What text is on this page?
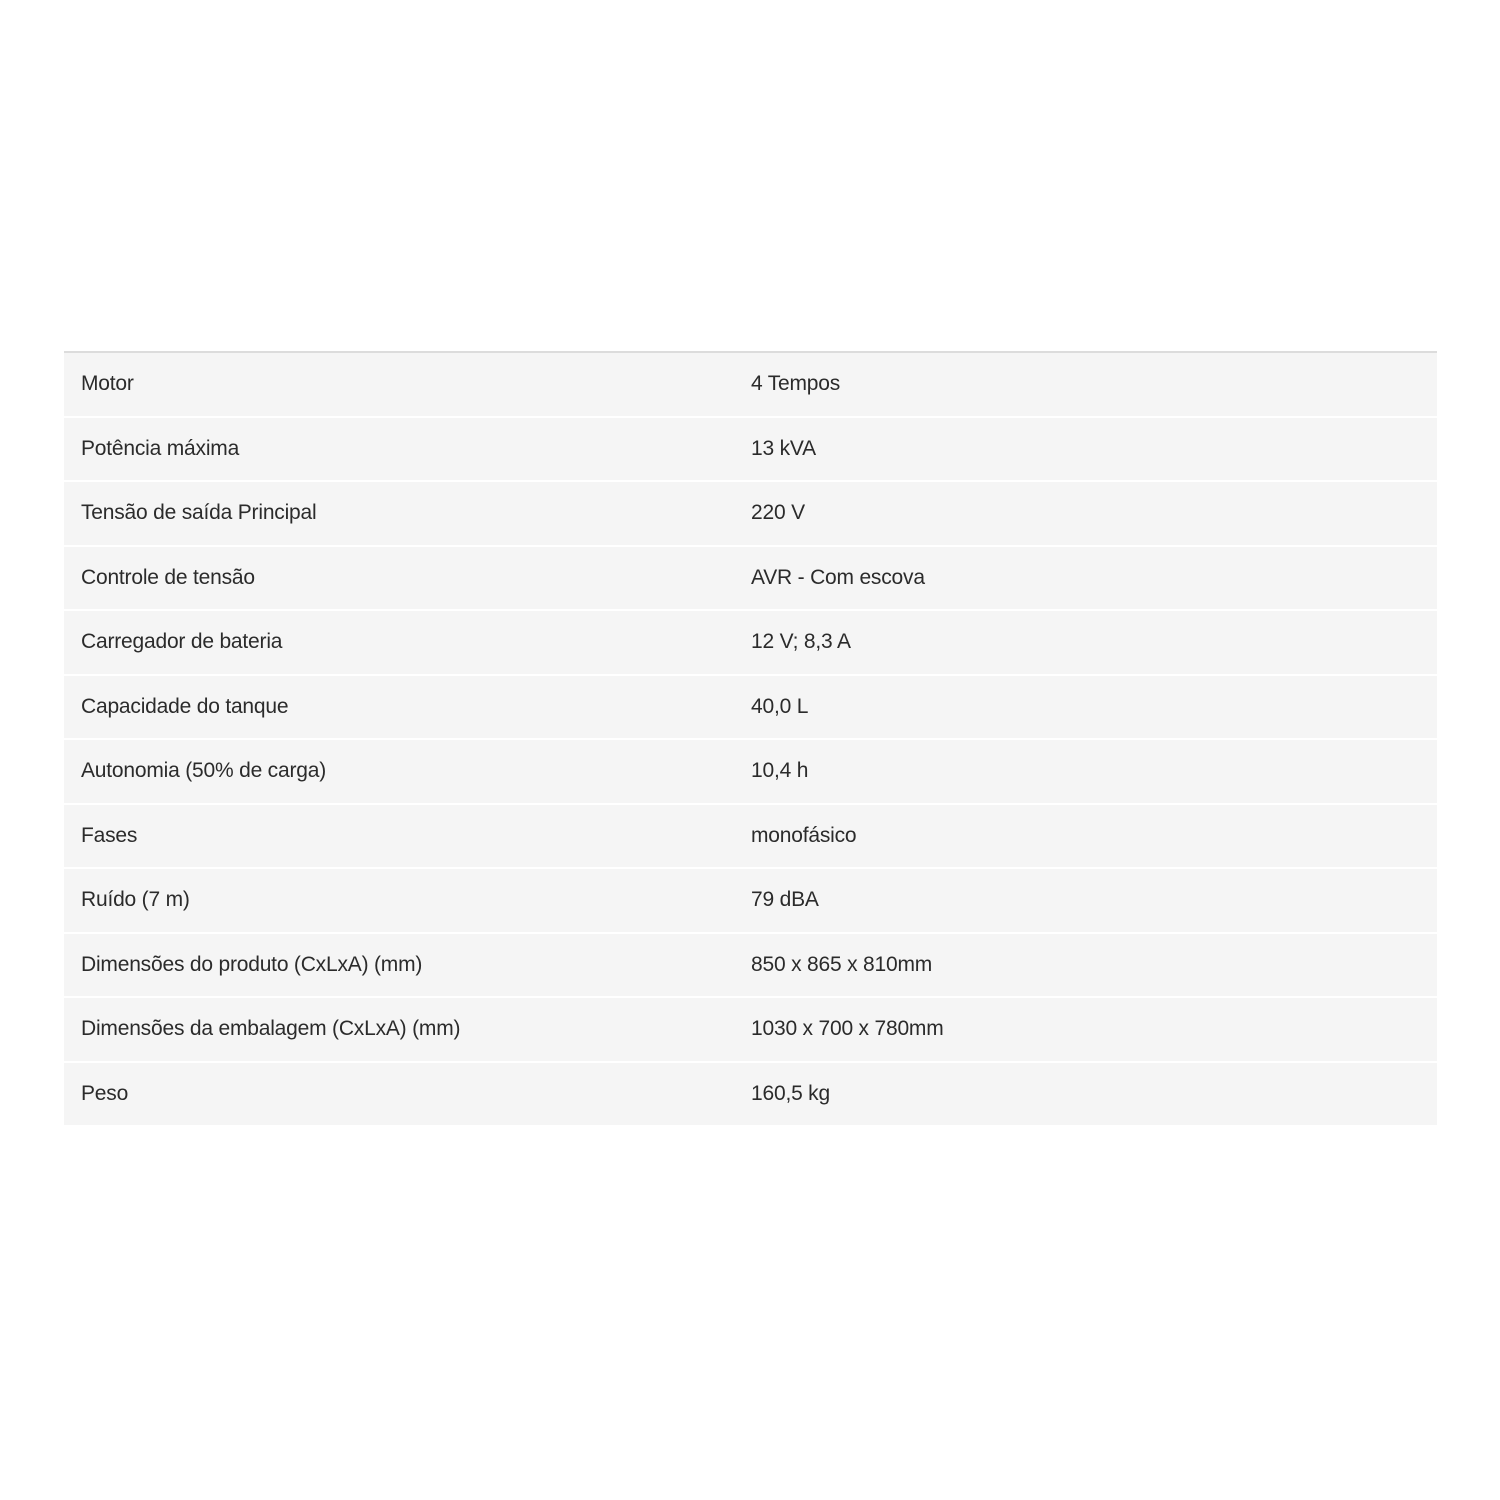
Motor	4 Tempos
Potência máxima	13 kVA
Tensão de saída Principal	220 V
Controle de tensão	AVR - Com escova
Carregador de bateria	12 V; 8,3 A
Capacidade do tanque	40,0 L
Autonomia (50% de carga)	10,4 h
Fases	monofásico
Ruído (7 m)	79 dBA
Dimensões do produto (CxLxA) (mm)	850 x 865 x 810mm
Dimensões da embalagem (CxLxA) (mm)	1030 x 700 x 780mm
Peso	160,5 kg
